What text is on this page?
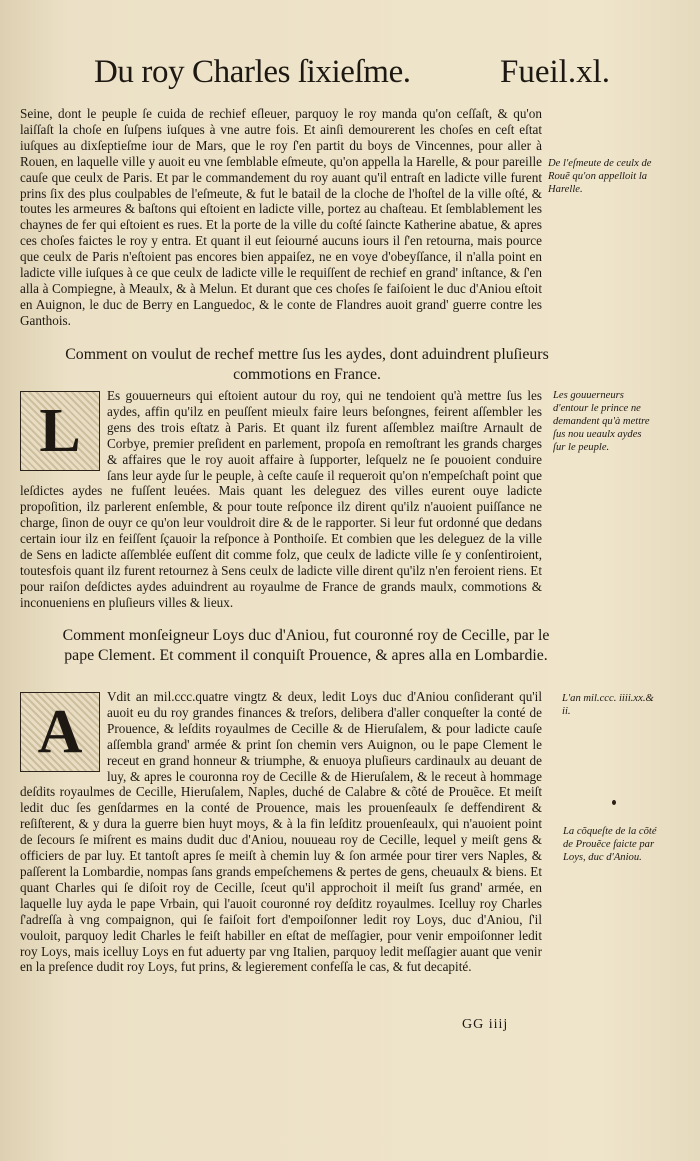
Du roy Charles ſixieſme.	Fueil.xl.
Seine, dont le peuple ſe cuida de rechief eſleuer, parquoy le roy manda qu'on ceſſaſt, & qu'on laiſſaſt la choſe en ſuſpens iuſques à vne autre fois. Et ainſi demourerent les choſes en ceſt eſtat iuſques au dixſeptieſme iour de Mars, que le roy ſ'en partit du boys de Vincennes, pour aller à Rouen, en laquelle ville y auoit eu vne ſemblable eſmeute, qu'on appella la Harelle, & pour pareille cauſe que ceulx de Paris. Et par le commandement du roy auant qu'il entraſt en ladicte ville furent prins ſix des plus coulpables de l'eſmeute, & fut le batail de la cloche de l'hoſtel de la ville oſté, & toutes les armeures & baſtons qui eſtoient en ladicte ville, portez au chaſteau. Et ſemblablement les chaynes de fer qui eſtoient es rues. Et la porte de la ville du coſté ſaincte Katherine abatue, & apres ces choſes faictes le roy y entra. Et quant il eut ſeiourné aucuns iours il ſ'en retourna, mais pource que ceulx de Paris n'eſtoient pas encores bien appaiſez, ne en voye d'obeyſſance, il n'alla point en ladicte ville iuſques à ce que ceulx de ladicte ville le requiſſent de rechief en grand' inſtance, & ſ'en alla à Compiegne, à Meaulx, & à Melun. Et durant que ces choſes ſe faiſoient le duc d'Aniou eſtoit en Auignon, le duc de Berry en Languedoc, & le conte de Flandres auoit grand' guerre contre les Ganthois.
De l'eſmeute de ceulx de Rouẽ qu'on appelloit la Harelle.
Comment on voulut de rechef mettre ſus les aydes, dont aduindrent pluſieurs commotions en France.
L

Es gouuerneurs qui eſtoient autour du roy, qui ne tendoient qu'à mettre ſus les aydes, affin qu'ilz en peuſſent mieulx faire leurs beſongnes, feirent aſſembler les gens des trois eſtatz à Paris. Et quant ilz furent aſſemblez maiſtre Arnault de Corbye, premier preſident en parlement, propoſa en remoſtrant les grands charges & affaires que le roy auoit affaire à ſupporter, leſquelz ne ſe pouoient conduire ſans leur ayde ſur le peuple, à ceſte cauſe il requeroit qu'on n'empeſchaſt point que leſdictes aydes ne fuſſent leuées. Mais quant les deleguez des villes eurent ouye ladicte propoſition, ilz parlerent enſemble, & pour toute reſponce ilz dirent qu'ilz n'auoient puiſſance ne charge, ſinon de ouyr ce qu'on leur vouldroit dire & de le rapporter. Si leur fut ordonné que dedans certain iour ilz en feiſſent ſçauoir la reſponce à Ponthoiſe. Et combien que les deleguez de la ville de Sens en ladicte aſſemblée euſſent dit comme folz, que ceulx de ladicte ville ſe y conſentiroient, toutesfois quant ilz furent retournez à Sens ceulx de ladicte ville dirent qu'ilz n'en feroient riens. Et pour raiſon deſdictes aydes aduindrent au royaulme de France de grands maulx, commotions & inconueniens en pluſieurs villes & lieux.

Les gouuerneurs d'entour le prince ne demandent qu'à mettre ſus nou ueaulx aydes ſur le peuple.
Comment monſeigneur Loys duc d'Aniou, fut couronné roy de Cecille, par le pape Clement. Et comment il conquiſt Prouence, & apres alla en Lombardie.
A

Vdit an mil.ccc.quatre vingtz & deux, ledit Loys duc d'Aniou conſiderant qu'il auoit eu du roy grandes finances & treſors, delibera d'aller conqueſter la conté de Prouence, & leſdits royaulmes de Cecille & de Hieruſalem, & pour ladicte cauſe aſſembla grand' armée & print ſon chemin vers Auignon, ou le pape Clement le receut en grand honneur & triumphe, & enuoya pluſieurs cardinaulx au deuant de luy, & apres le couronna roy de Cecille & de Hieruſalem, & le receut à hommage deſdits royaulmes de Cecille, Hieruſalem, Naples, duché de Calabre & cõté de Prouẽce. Et meiſt ledit duc ſes genſdarmes en la conté de Prouence, mais les prouenſeaulx ſe deffendirent & reſiſterent, & y dura la guerre bien huyt moys, & à la fin leſditz prouenſeaulx, qui n'auoient point de ſecours ſe miſrent es mains dudit duc d'Aniou, nouueau roy de Cecille, lequel y meiſt gens & officiers de par luy. Et tantoſt apres ſe meiſt à chemin luy & ſon armée pour tirer vers Naples, & paſſerent la Lombardie, nompas ſans grands empeſchemens & pertes de gens, cheuaulx & biens. Et quant Charles qui ſe diſoit roy de Cecille, ſceut qu'il approchoit il meiſt ſus grand' armée, en laquelle luy ayda le pape Vrbain, qui l'auoit couronné roy deſditz royaulmes. Icelluy roy Charles ſ'adreſſa à vng compaignon, qui ſe faiſoit fort d'empoiſonner ledit roy Loys, duc d'Aniou, ſ'il vouloit, parquoy ledit Charles le feiſt habiller en eſtat de meſſagier, pour venir empoiſonner ledit roy Loys, mais icelluy Loys en fut aduerty par vng Italien, parquoy ledit meſſagier auant que venir en la preſence dudit roy Loys, fut prins, & legierement confeſſa le cas, & fut decapité.

L'an mil.ccc. iiii.xx.& ii.
La cõqueſte de la cõté de Prouẽce faicte par Loys, duc d'Aniou.
GG iiij
